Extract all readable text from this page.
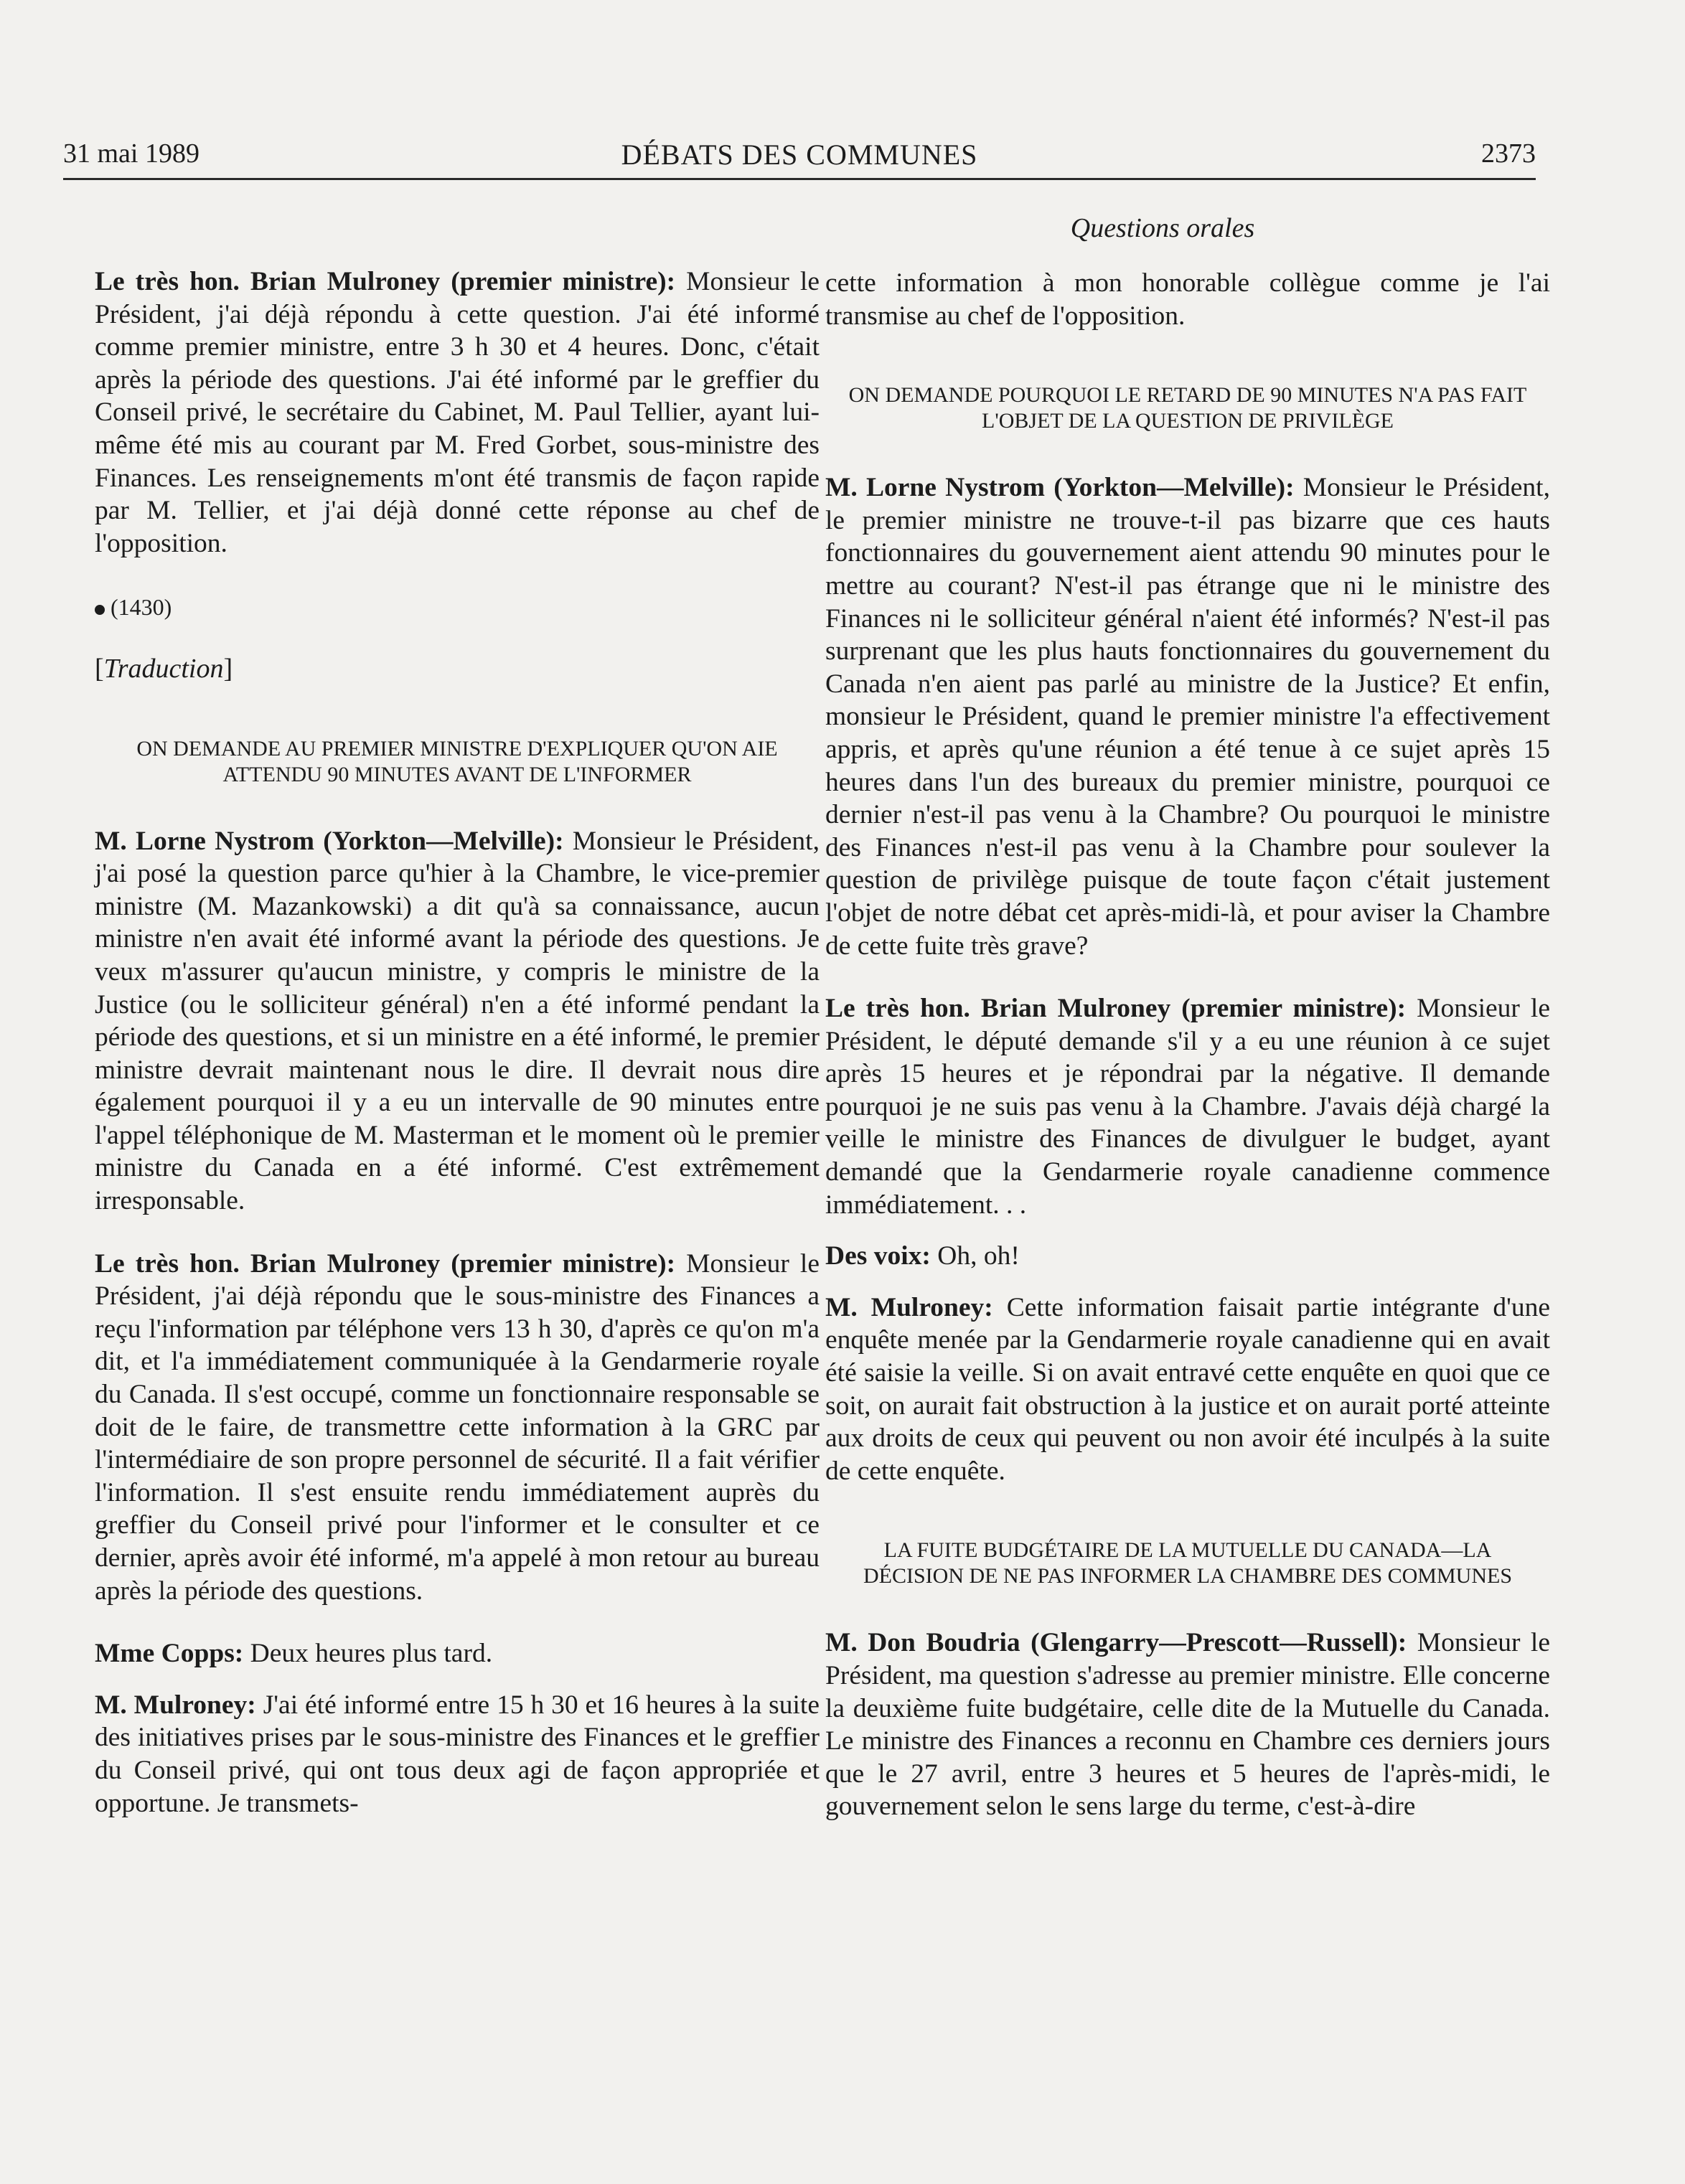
31 mai 1989	DÉBATS DES COMMUNES	2373
Questions orales

Le très hon. Brian Mulroney (premier ministre): Monsieur le Président, j'ai déjà répondu à cette question. J'ai été informé comme premier ministre, entre 3 h 30 et 4 heures. Donc, c'était après la période des questions. J'ai été informé par le greffier du Conseil privé, le secrétaire du Cabinet, M. Paul Tellier, ayant lui-même été mis au courant par M. Fred Gorbet, sous-ministre des Finances. Les renseignements m'ont été transmis de façon rapide par M. Tellier, et j'ai déjà donné cette réponse au chef de l'opposition.

(1430)
[Traduction]
ON DEMANDE AU PREMIER MINISTRE D'EXPLIQUER QU'ON AIE ATTENDU 90 MINUTES AVANT DE L'INFORMER

M. Lorne Nystrom (Yorkton—Melville): Monsieur le Président, j'ai posé la question parce qu'hier à la Chambre, le vice-premier ministre (M. Mazankowski) a dit qu'à sa connaissance, aucun ministre n'en avait été informé avant la période des questions. Je veux m'assurer qu'aucun ministre, y compris le ministre de la Justice (ou le solliciteur général) n'en a été informé pendant la période des questions, et si un ministre en a été informé, le premier ministre devrait maintenant nous le dire. Il devrait nous dire également pourquoi il y a eu un intervalle de 90 minutes entre l'appel téléphonique de M. Masterman et le moment où le premier ministre du Canada en a été informé. C'est extrêmement irresponsable.

Le très hon. Brian Mulroney (premier ministre): Monsieur le Président, j'ai déjà répondu que le sous-ministre des Finances a reçu l'information par téléphone vers 13 h 30, d'après ce qu'on m'a dit, et l'a immédiatement communiquée à la Gendarmerie royale du Canada. Il s'est occupé, comme un fonctionnaire responsable se doit de le faire, de transmettre cette information à la GRC par l'intermédiaire de son propre personnel de sécurité. Il a fait vérifier l'information. Il s'est ensuite rendu immédiatement auprès du greffier du Conseil privé pour l'informer et le consulter et ce dernier, après avoir été informé, m'a appelé à mon retour au bureau après la période des questions.

Mme Copps: Deux heures plus tard.

M. Mulroney: J'ai été informé entre 15 h 30 et 16 heures à la suite des initiatives prises par le sous-ministre des Finances et le greffier du Conseil privé, qui ont tous deux agi de façon appropriée et opportune. Je transmets-

cette information à mon honorable collègue comme je l'ai transmise au chef de l'opposition.

ON DEMANDE POURQUOI LE RETARD DE 90 MINUTES N'A PAS FAIT L'OBJET DE LA QUESTION DE PRIVILÈGE

M. Lorne Nystrom (Yorkton—Melville): Monsieur le Président, le premier ministre ne trouve-t-il pas bizarre que ces hauts fonctionnaires du gouvernement aient attendu 90 minutes pour le mettre au courant? N'est-il pas étrange que ni le ministre des Finances ni le solliciteur général n'aient été informés? N'est-il pas surprenant que les plus hauts fonctionnaires du gouvernement du Canada n'en aient pas parlé au ministre de la Justice? Et enfin, monsieur le Président, quand le premier ministre l'a effectivement appris, et après qu'une réunion a été tenue à ce sujet après 15 heures dans l'un des bureaux du premier ministre, pourquoi ce dernier n'est-il pas venu à la Chambre? Ou pourquoi le ministre des Finances n'est-il pas venu à la Chambre pour soulever la question de privilège puisque de toute façon c'était justement l'objet de notre débat cet après-midi-là, et pour aviser la Chambre de cette fuite très grave?

Le très hon. Brian Mulroney (premier ministre): Monsieur le Président, le député demande s'il y a eu une réunion à ce sujet après 15 heures et je répondrai par la négative. Il demande pourquoi je ne suis pas venu à la Chambre. J'avais déjà chargé la veille le ministre des Finances de divulguer le budget, ayant demandé que la Gendarmerie royale canadienne commence immédiatement. . .

Des voix: Oh, oh!

M. Mulroney: Cette information faisait partie intégrante d'une enquête menée par la Gendarmerie royale canadienne qui en avait été saisie la veille. Si on avait entravé cette enquête en quoi que ce soit, on aurait fait obstruction à la justice et on aurait porté atteinte aux droits de ceux qui peuvent ou non avoir été inculpés à la suite de cette enquête.

LA FUITE BUDGÉTAIRE DE LA MUTUELLE DU CANADA—LA DÉCISION DE NE PAS INFORMER LA CHAMBRE DES COMMUNES

M. Don Boudria (Glengarry—Prescott—Russell): Monsieur le Président, ma question s'adresse au premier ministre. Elle concerne la deuxième fuite budgétaire, celle dite de la Mutuelle du Canada. Le ministre des Finances a reconnu en Chambre ces derniers jours que le 27 avril, entre 3 heures et 5 heures de l'après-midi, le gouvernement selon le sens large du terme, c'est-à-dire
